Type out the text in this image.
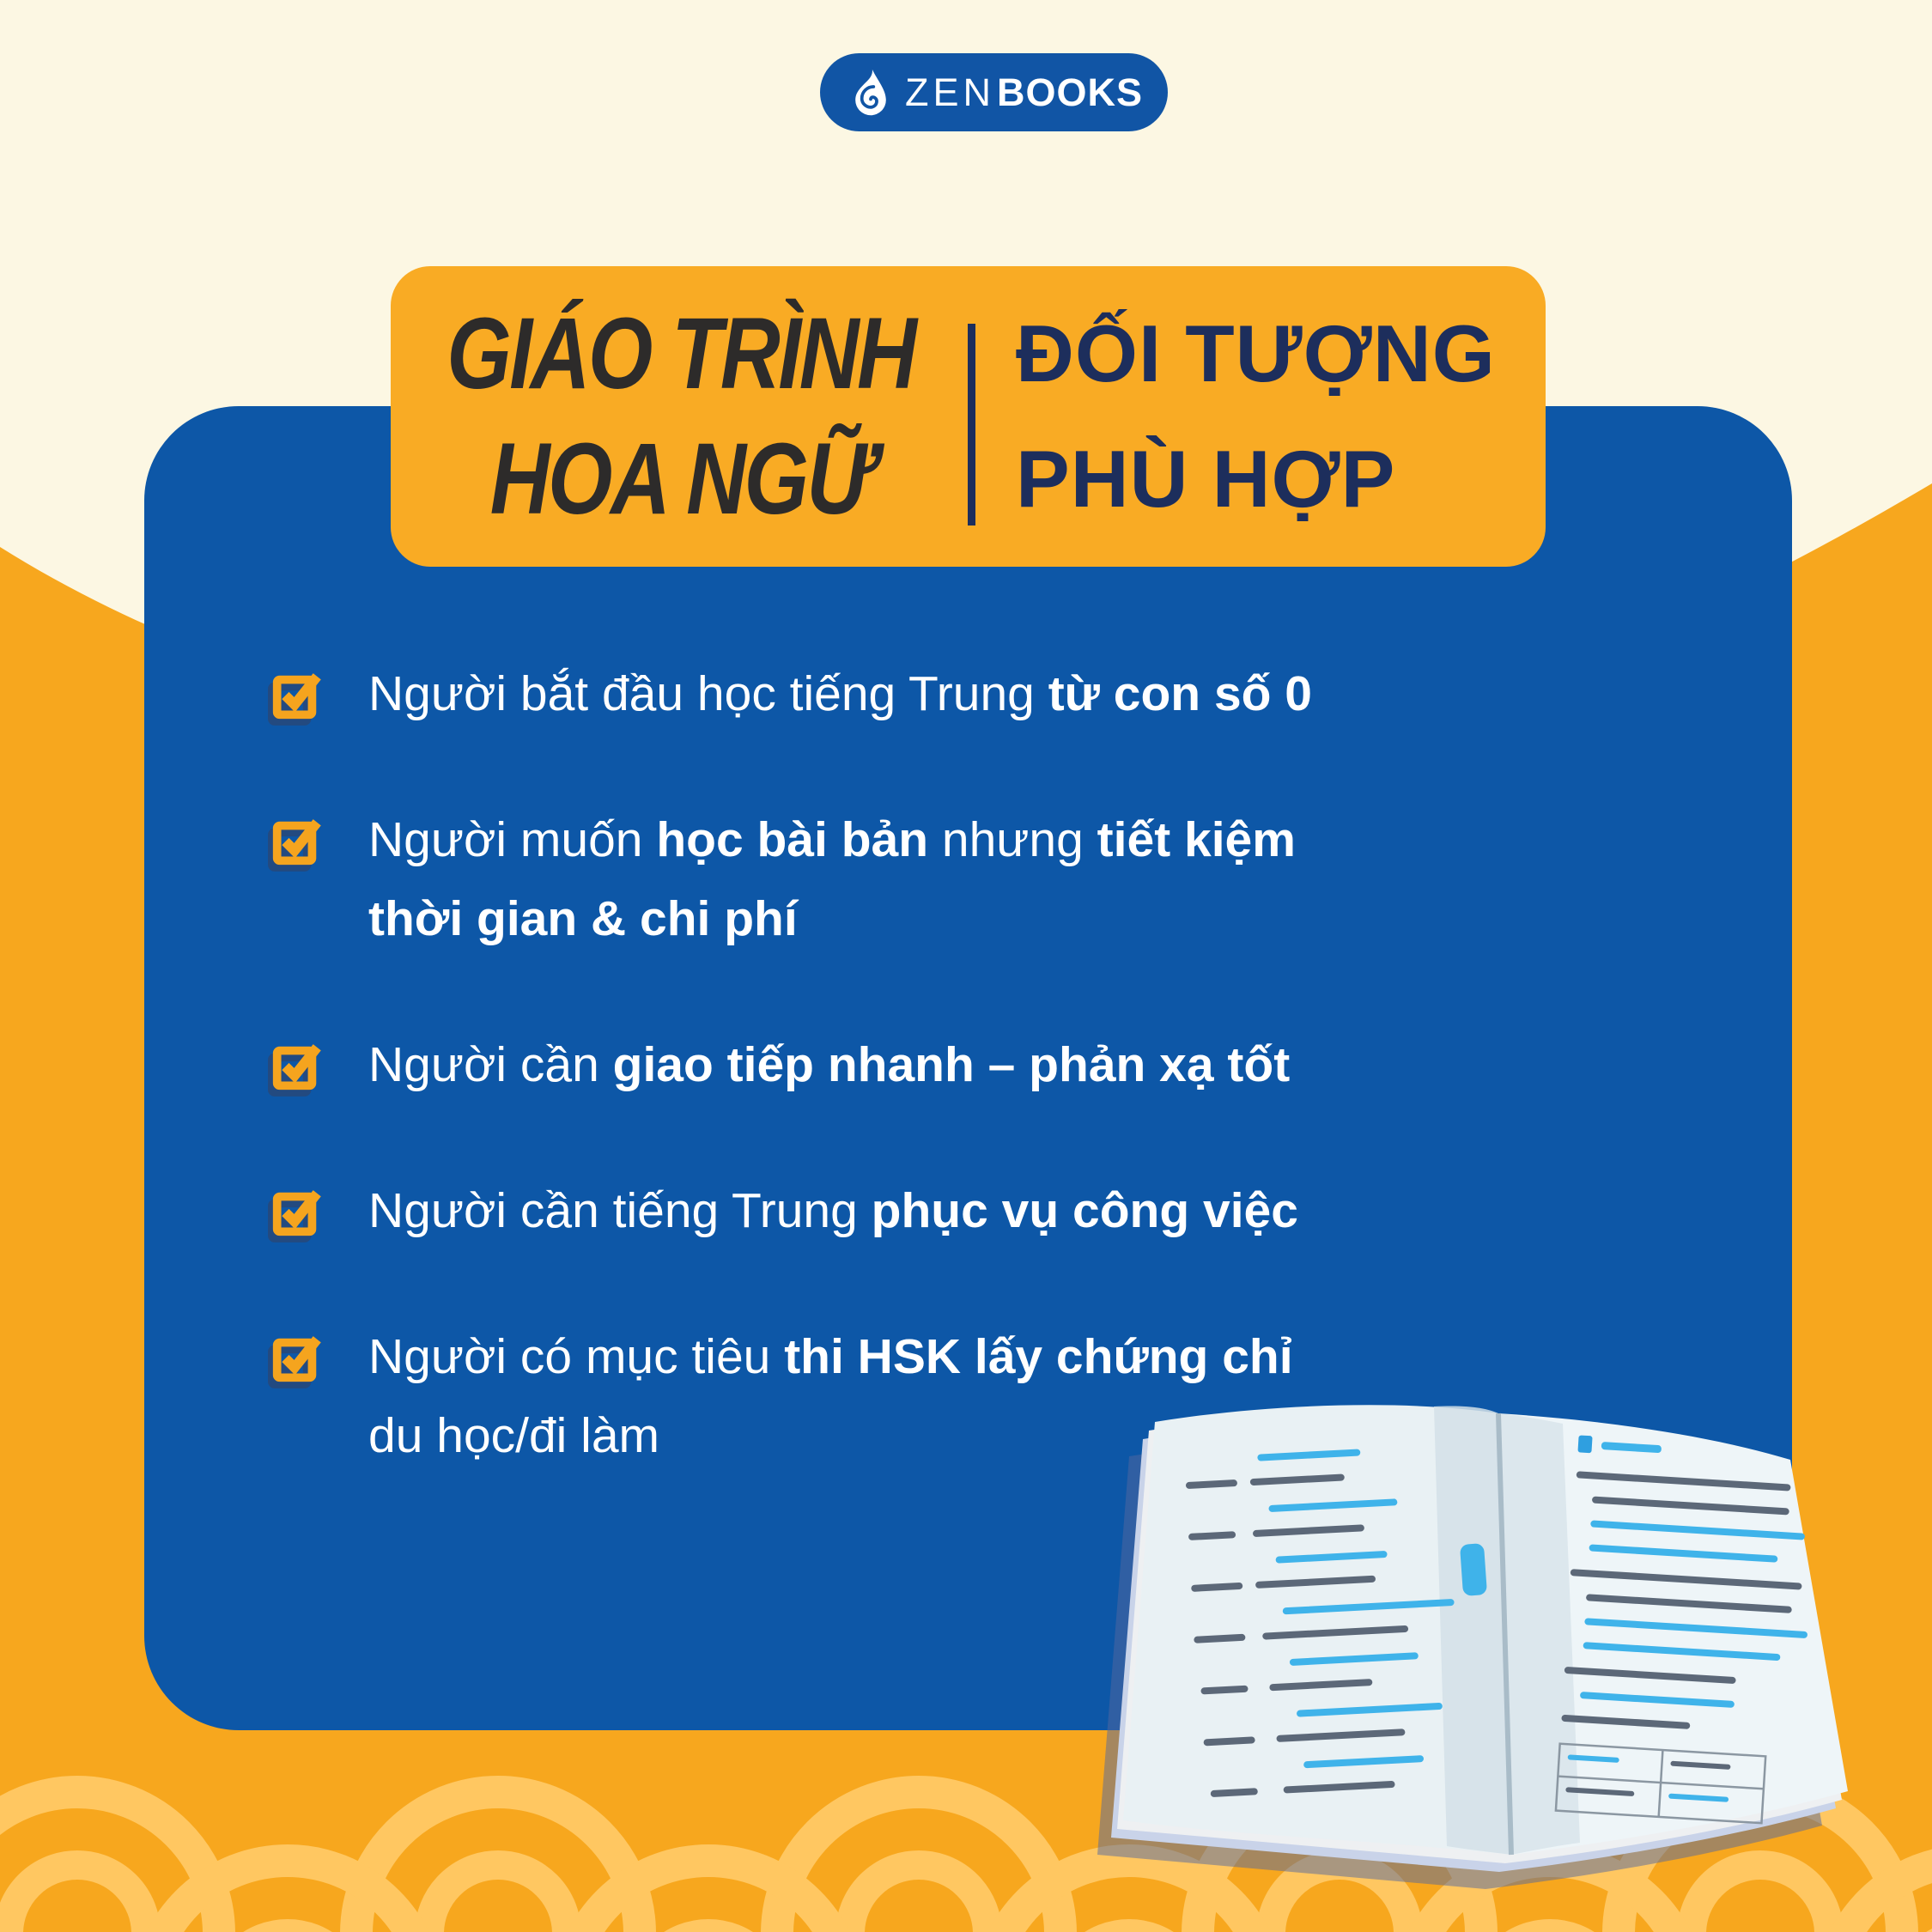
GIÁO TRÌNH
HOA NGỮ
ĐỐI TƯỢNG
PHÙ HỢP
ZEN BOOKS
Người bắt đầu học tiếng Trung từ con số 0
Người muốn học bài bản nhưng tiết kiệm
thời gian & chi phí
Người cần giao tiếp nhanh – phản xạ tốt
Người cần tiếng Trung phục vụ công việc
Người có mục tiêu thi HSK lấy chứng chỉ
du học/đi làm
